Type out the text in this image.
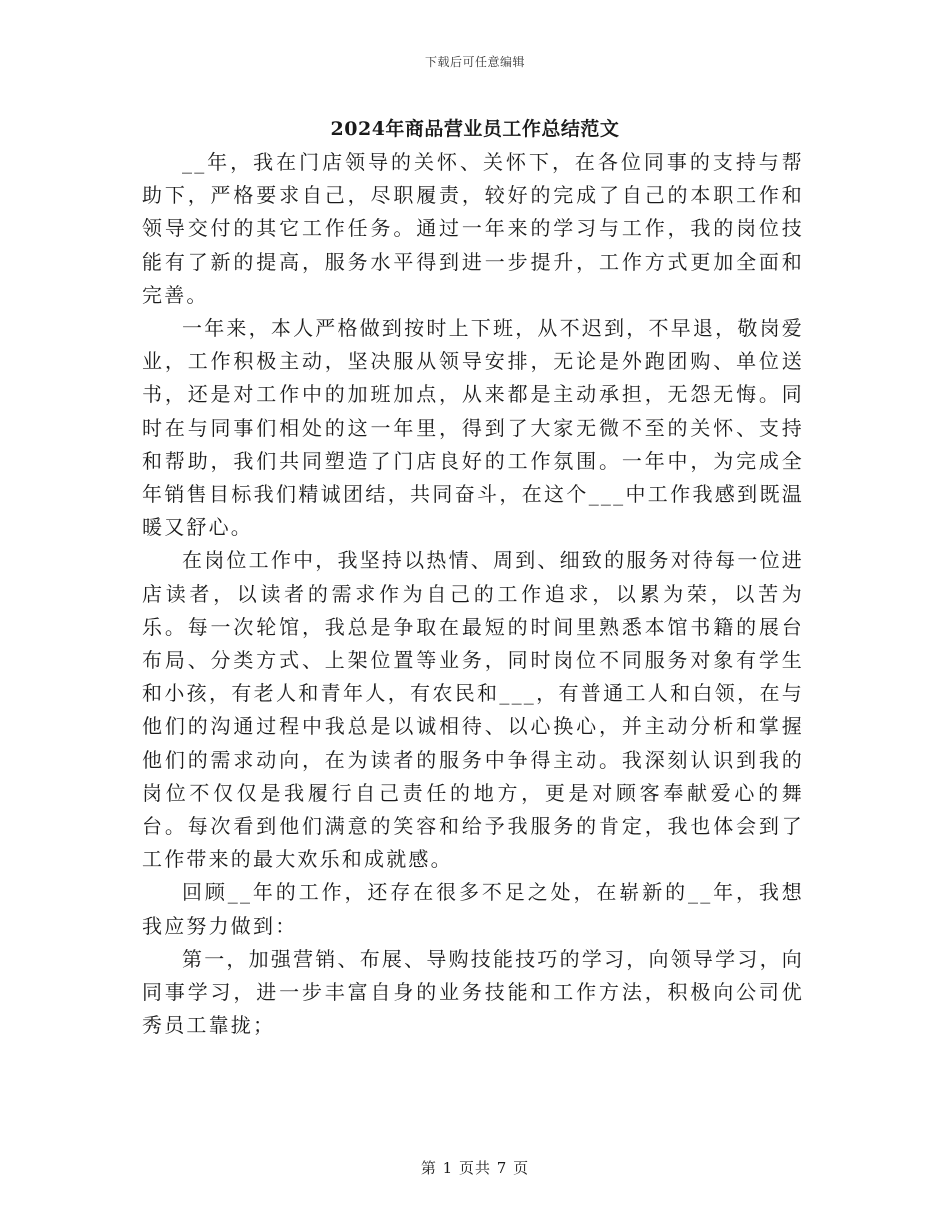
下载后可任意编辑
2024年商品营业员工作总结范文

__年，我在门店领导的关怀、关怀下，在各位同事的支持与帮助下，严格要求自己，尽职履责，较好的完成了自己的本职工作和领导交付的其它工作任务。通过一年来的学习与工作，我的岗位技能有了新的提高，服务水平得到进一步提升，工作方式更加全面和完善。

一年来，本人严格做到按时上下班，从不迟到，不早退，敬岗爱业，工作积极主动，坚决服从领导安排，无论是外跑团购、单位送书，还是对工作中的加班加点，从来都是主动承担，无怨无悔。同时在与同事们相处的这一年里，得到了大家无微不至的关怀、支持和帮助，我们共同塑造了门店良好的工作氛围。一年中，为完成全年销售目标我们精诚团结，共同奋斗，在这个___中工作我感到既温暖又舒心。

在岗位工作中，我坚持以热情、周到、细致的服务对待每一位进店读者，以读者的需求作为自己的工作追求，以累为荣，以苦为乐。每一次轮馆，我总是争取在最短的时间里熟悉本馆书籍的展台布局、分类方式、上架位置等业务，同时岗位不同服务对象有学生和小孩，有老人和青年人，有农民和___，有普通工人和白领，在与他们的沟通过程中我总是以诚相待、以心换心，并主动分析和掌握他们的需求动向，在为读者的服务中争得主动。我深刻认识到我的岗位不仅仅是我履行自己责任的地方，更是对顾客奉献爱心的舞台。每次看到他们满意的笑容和给予我服务的肯定，我也体会到了工作带来的最大欢乐和成就感。

回顾__年的工作，还存在很多不足之处，在崭新的__年，我想我应努力做到：

第一，加强营销、布展、导购技能技巧的学习，向领导学习，向同事学习，进一步丰富自身的业务技能和工作方法，积极向公司优秀员工靠拢；

第 1 页共 7 页
